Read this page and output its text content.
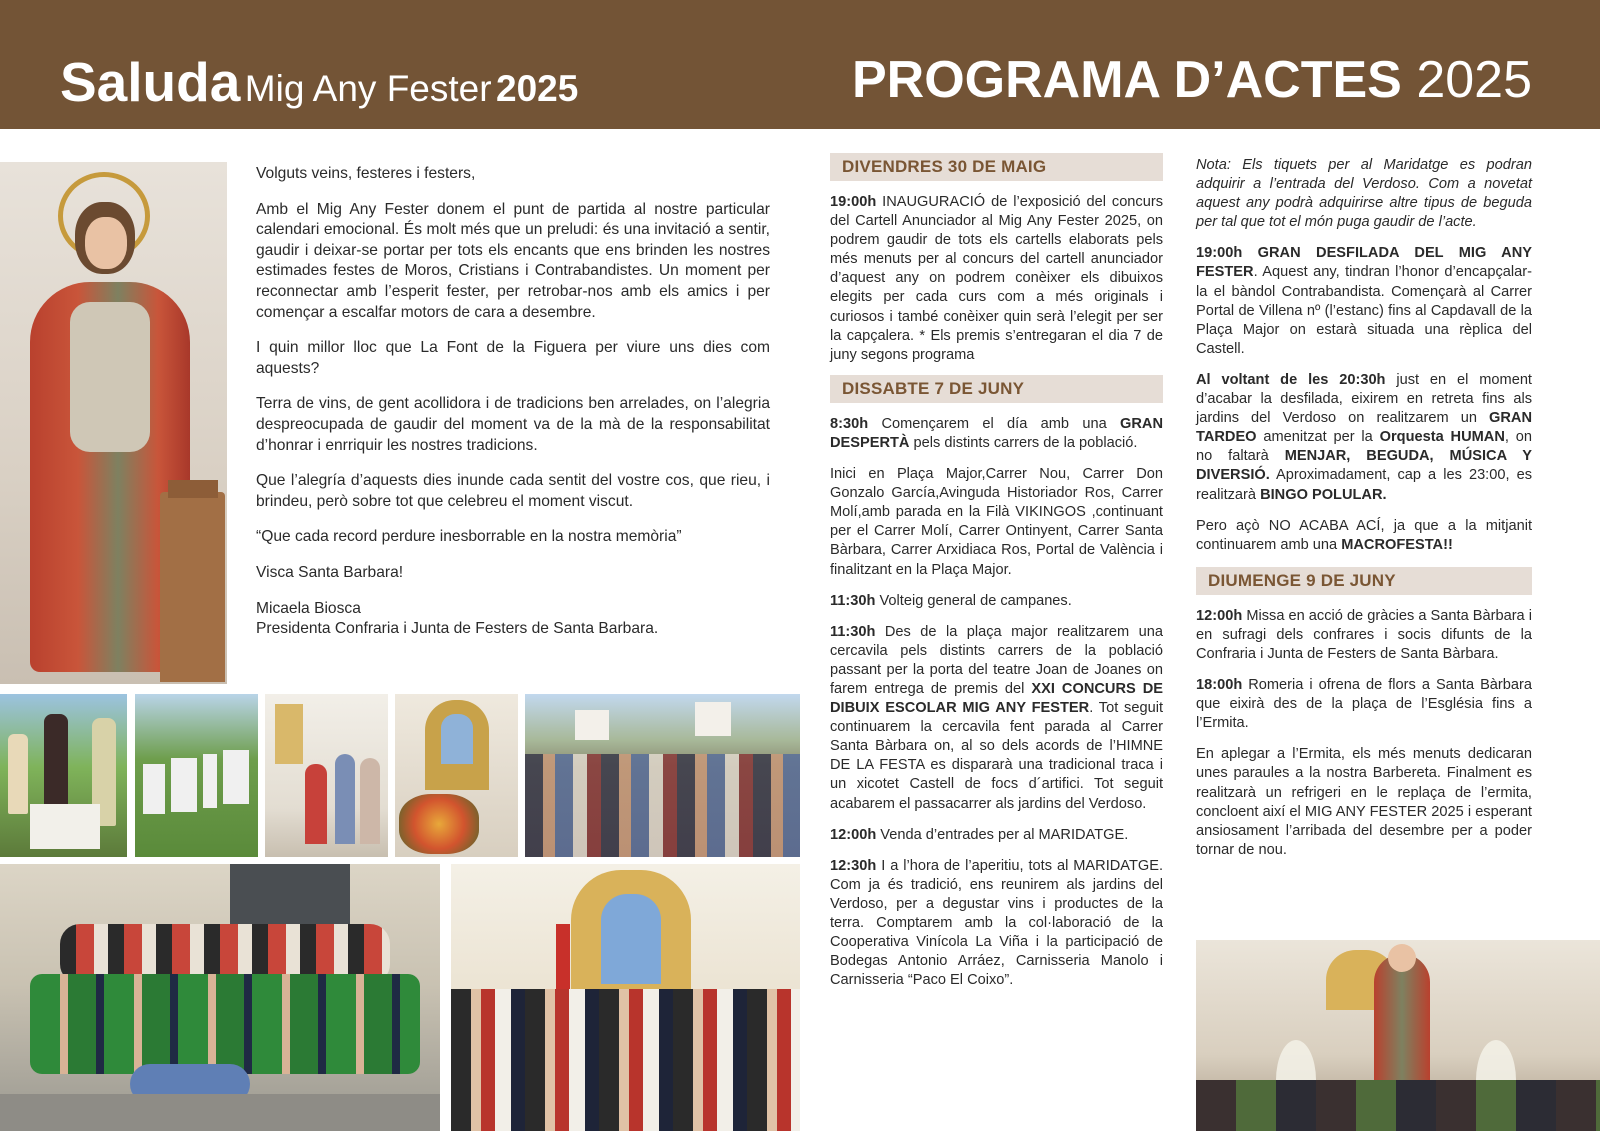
Saluda Mig Any Fester 2025	PROGRAMA D’ACTES 2025

Volguts veins, festeres i festers,

Amb el Mig Any Fester donem el punt de partida al nostre particular calendari emocional. És molt més que un preludi: és una invitació a sentir, gaudir i deixar-se portar per tots els encants que ens brinden les nostres estimades festes de Moros, Cristians i Contrabandistes. Un moment per reconnectar amb l’esperit fester, per retrobar-nos amb els amics i per començar a escalfar motors de cara a desembre.

I quin millor lloc que La Font de la Figuera per viure uns dies com aquests?

Terra de vins, de gent acollidora i de tradicions ben arrelades, on l’alegria despreocupada de gaudir del moment va de la mà de la responsabilitat d’honrar i enrriquir les nostres tradicions.

Que l’alegría d’aquests dies inunde cada sentit del vostre cos, que rieu, i brindeu, però sobre tot que celebreu el moment viscut.

“Que cada record perdure inesborrable en la nostra memòria”

Visca Santa Barbara!

Micaela Biosca

Presidenta Confraria i Junta de Festers de Santa Barbara.

DIVENDRES 30 DE MAIG

19:00h INAUGURACIÓ de l’exposició del concurs del Cartell Anunciador al Mig Any Fester 2025, on podrem gaudir de tots els cartells elaborats pels més menuts per al concurs del cartell anunciador d’aquest any on podrem conèixer els dibuixos elegits per cada curs com a més originals i curiosos i també conèixer quin serà l’elegit per ser la capçalera. * Els premis s’entregaran el dia 7 de juny segons programa

DISSABTE 7 DE JUNY

8:30h Començarem el día amb una GRAN DESPERTÀ pels distints carrers de la població.

Inici en Plaça Major,Carrer Nou, Carrer Don Gonzalo García,Avinguda Historiador Ros, Carrer Molí,amb parada en la Filà VIKINGOS ,continuant per el Carrer Molí, Carrer Ontinyent, Carrer Santa Bàrbara, Carrer Arxidiaca Ros, Portal de València i finalitzant en la Plaça Major.

11:30h Volteig general de campanes.

11:30h Des de la plaça major realitzarem una cercavila pels distints carrers de la població passant per la porta del teatre Joan de Joanes on farem entrega de premis del XXI CONCURS DE DIBUIX ESCOLAR MIG ANY FESTER. Tot seguit continuarem la cercavila fent parada al Carrer Santa Bàrbara on, al so dels acords de l’HIMNE DE LA FESTA es dispararà una tradicional traca i un xicotet Castell de focs d´artifici. Tot seguit acabarem el passacarrer als jardins del Verdoso.

12:00h Venda d’entrades per al MARIDATGE.

12:30h I a l’hora de l’aperitiu, tots al MARIDATGE. Com ja és tradició, ens reunirem als jardins del Verdoso, per a degustar vins i productes de la terra. Comptarem amb la col·laboració de la Cooperativa Vinícola La Viña i la participació de Bodegas Antonio Arráez, Carnisseria Manolo i Carnisseria “Paco El Coixo”.

Nota: Els tiquets per al Maridatge es podran adquirir a l’entrada del Verdoso. Com a novetat aquest any podrà adquirirse altre tipus de beguda per tal que tot el món puga gaudir de l’acte.

19:00h GRAN DESFILADA DEL MIG ANY FESTER. Aquest any, tindran l’honor d’encapçalar-la el bàndol Contrabandista. Començarà al Carrer Portal de Villena nº (l’estanc) fins al Capdavall de la Plaça Major on estarà situada una rèplica del Castell.

Al voltant de les 20:30h just en el moment d’acabar la desfilada, eixirem en retreta fins als jardins del Verdoso on realitzarem un GRAN TARDEO amenitzat per la Orquesta HUMAN, on no faltarà MENJAR, BEGUDA, MÚSICA Y DIVERSIÓ. Aproximadament, cap a les 23:00, es realitzarà BINGO POLULAR.

Pero açò NO ACABA ACÍ, ja que a la mitjanit continuarem amb una MACROFESTA!!

DIUMENGE 9 DE JUNY

12:00h Missa en acció de gràcies a Santa Bàrbara i en sufragi dels confrares i socis difunts de la Confraria i Junta de Festers de Santa Bàrbara.

18:00h Romeria i ofrena de flors a Santa Bàrbara que eixirà des de la plaça de l’Església fins a l’Ermita.

En aplegar a l’Ermita, els més menuts dedicaran unes paraules a la nostra Barbereta. Finalment es realitzarà un refrigeri en le replaça de l’ermita, concloent així el MIG ANY FESTER 2025 i esperant ansiosament l’arribada del desembre per a poder tornar de nou.
